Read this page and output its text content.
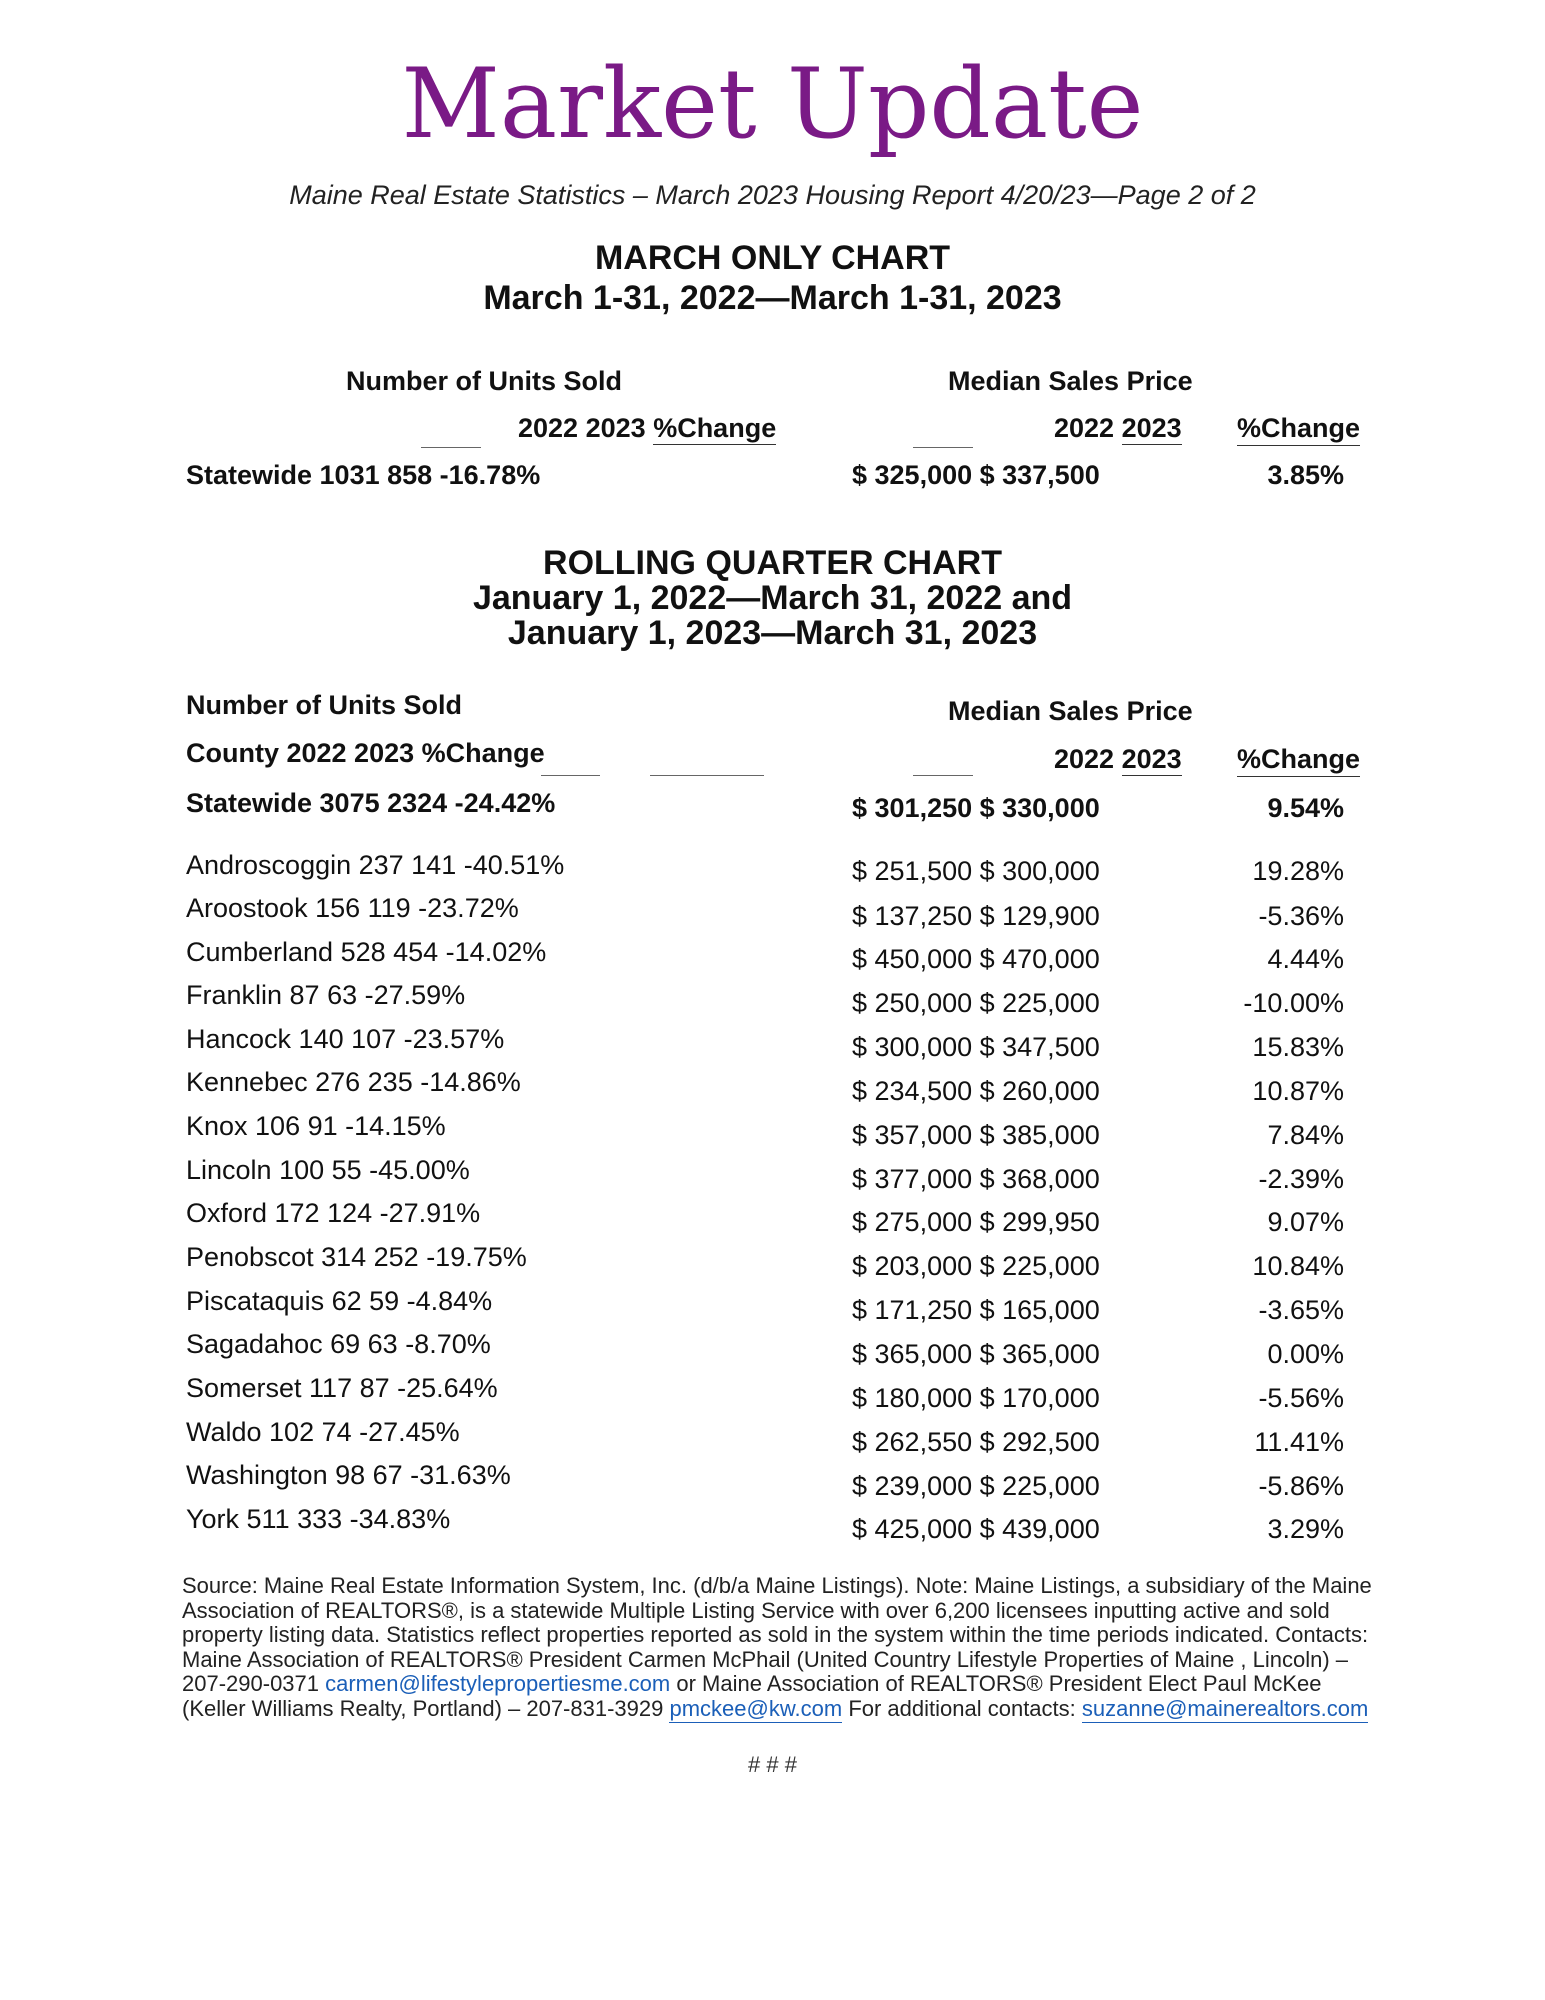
Market Update
Maine Real Estate Statistics – March 2023 Housing Report 4/20/23—Page 2 of 2
MARCH ONLY CHART
March 1-31, 2022—March 1-31, 2023
Number of Units Sold	Median Sales Price
2022 2023 %Change	2022 2023 %Change
Statewide 1031 858 -16.78%	$ 325,000 $ 337,500	3.85%
ROLLING QUARTER CHART
January 1, 2022—March 31, 2022 and
January 1, 2023—March 31, 2023
Number of Units Sold	Median Sales Price
County 2022 2023 %Change	2022 2023 %Change
Statewide 3075 2324 -24.42%	$ 301,250 $ 330,000	9.54%
Androscoggin 237 141 -40.51%	$ 251,500 $ 300,000	19.28%
Aroostook 156 119 -23.72%	$ 137,250 $ 129,900	-5.36%
Cumberland 528 454 -14.02%	$ 450,000 $ 470,000	4.44%
Franklin 87 63 -27.59%	$ 250,000 $ 225,000	-10.00%
Hancock 140 107 -23.57%	$ 300,000 $ 347,500	15.83%
Kennebec 276 235 -14.86%	$ 234,500 $ 260,000	10.87%
Knox 106 91 -14.15%	$ 357,000 $ 385,000	7.84%
Lincoln 100 55 -45.00%	$ 377,000 $ 368,000	-2.39%
Oxford 172 124 -27.91%	$ 275,000 $ 299,950	9.07%
Penobscot 314 252 -19.75%	$ 203,000 $ 225,000	10.84%
Piscataquis 62 59 -4.84%	$ 171,250 $ 165,000	-3.65%
Sagadahoc 69 63 -8.70%	$ 365,000 $ 365,000	0.00%
Somerset 117 87 -25.64%	$ 180,000 $ 170,000	-5.56%
Waldo 102 74 -27.45%	$ 262,550 $ 292,500	11.41%
Washington 98 67 -31.63%	$ 239,000 $ 225,000	-5.86%
York 511 333 -34.83%	$ 425,000 $ 439,000	3.29%
Source: Maine Real Estate Information System, Inc. (d/b/a Maine Listings). Note: Maine Listings, a subsidiary of the Maine Association of REALTORS®, is a statewide Multiple Listing Service with over 6,200 licensees inputting active and sold property listing data. Statistics reflect properties reported as sold in the system within the time periods indicated. Contacts: Maine Association of REALTORS® President Carmen McPhail (United Country Lifestyle Properties of Maine , Lincoln) – 207-290-0371 carmen@lifestylepropertiesme.com or Maine Association of REALTORS® President Elect Paul McKee (Keller Williams Realty, Portland) – 207-831-3929 pmckee@kw.com For additional contacts: suzanne@mainerealtors.com
# # #
